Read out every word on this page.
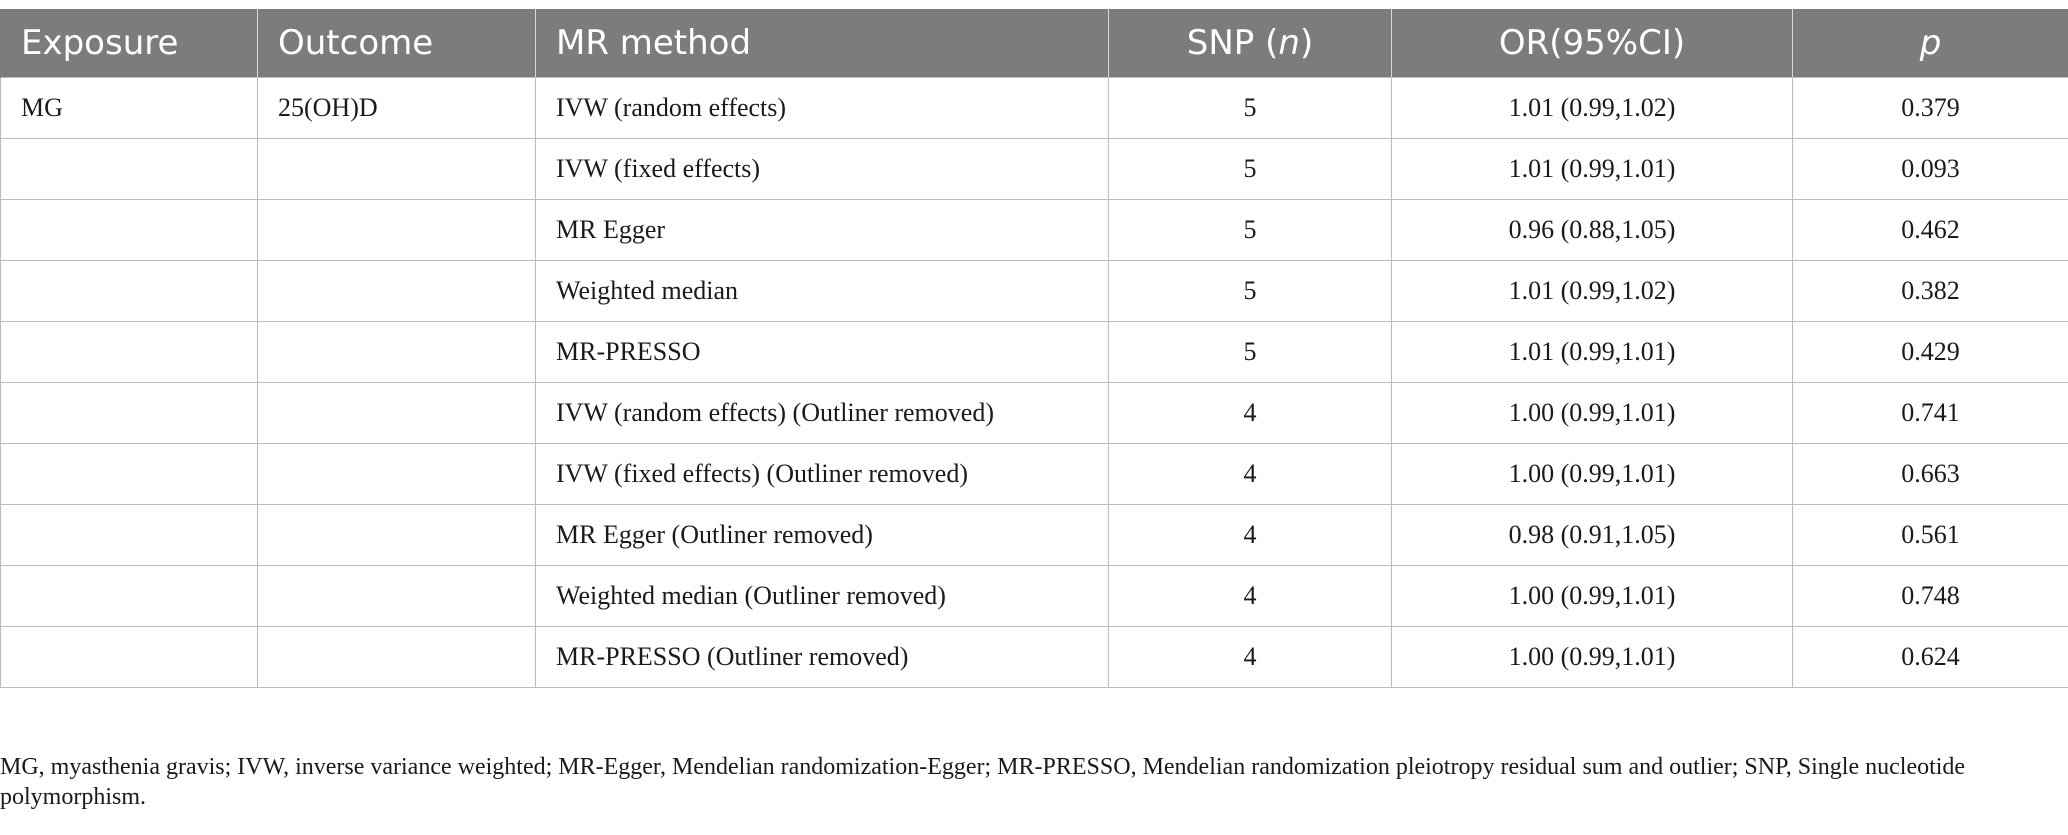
Exposure	Outcome	MR method	SNP (n)	OR(95%CI)	p
MG	25(OH)D	IVW (random effects)	5	1.01 (0.99,1.02)	0.379
		IVW (fixed effects)	5	1.01 (0.99,1.01)	0.093
		MR Egger	5	0.96 (0.88,1.05)	0.462
		Weighted median	5	1.01 (0.99,1.02)	0.382
		MR-PRESSO	5	1.01 (0.99,1.01)	0.429
		IVW (random effects) (Outliner removed)	4	1.00 (0.99,1.01)	0.741
		IVW (fixed effects) (Outliner removed)	4	1.00 (0.99,1.01)	0.663
		MR Egger (Outliner removed)	4	0.98 (0.91,1.05)	0.561
		Weighted median (Outliner removed)	4	1.00 (0.99,1.01)	0.748
		MR-PRESSO (Outliner removed)	4	1.00 (0.99,1.01)	0.624
MG, myasthenia gravis; IVW, inverse variance weighted; MR-Egger, Mendelian randomization-Egger; MR-PRESSO, Mendelian randomization pleiotropy residual sum and outlier; SNP, Single nucleotide polymorphism.
